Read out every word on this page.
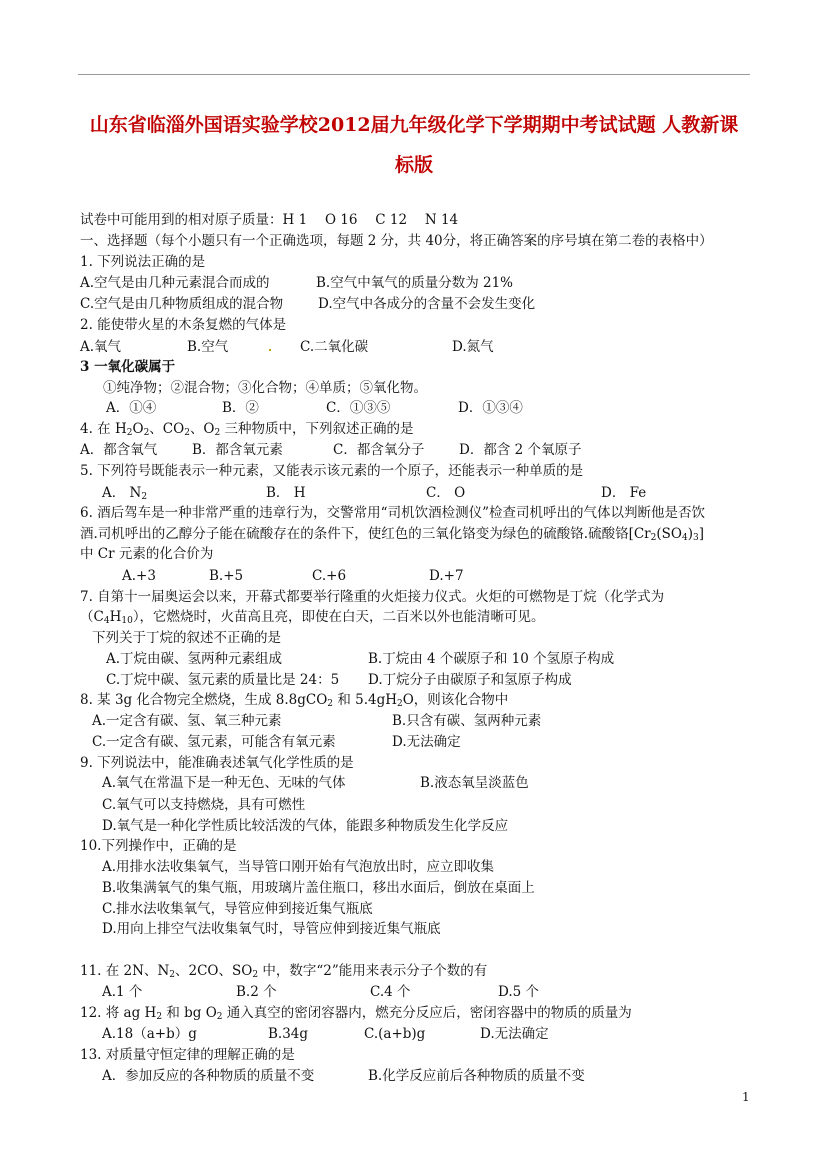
山东省临淄外国语实验学校2012届九年级化学下学期期中考试试题 人教新课
标版
试卷中可能用到的相对原子质量：H 1 　O 16 　C 12 　N 14
一、选择题（每个小题只有一个正确选项，每题 2 分，共 40分，将正确答案的序号填在第二卷的表格中）
1. 下列说法正确的是
A.空气是由几种元素混合而成的	B.空气中氧气的质量分数为 21%
C.空气是由几种物质组成的混合物	D.空气中各成分的含量不会发生变化
2. 能使带火星的木条复燃的气体是
A.氧气	B.空气	C.二氧化碳	D.氮气
3 一氧化碳属于
①纯净物；②混合物；③化合物；④单质；⑤氧化物。
A．①④	B．②	C．①③⑤	D．①③④
4. 在 $H_2O_2$、$CO_2$、$O_2$ 三种物质中，下列叙述正确的是
A．都含氧气	B．都含氧元素	C．都含氧分子	D．都含 2 个氧原子
5. 下列符号既能表示一种元素，又能表示该元素的一个原子，还能表示一种单质的是
A． $N_2$	B． H	C． O	D． Fe
6. 酒后驾车是一种非常严重的违章行为，交警常用“司机饮酒检测仪”检查司机呼出的气体以判断他是否饮
酒.司机呼出的乙醇分子能在硫酸存在的条件下，使红色的三氧化铬变为绿色的硫酸铬.硫酸铬$[Cr_2(SO_4)_3]$
中 Cr 元素的化合价为
A.+3	B.+5	C.+6	D.+7
7. 自第十一届奥运会以来，开幕式都要举行隆重的火炬接力仪式。火炬的可燃物是丁烷（化学式为
$(C_4H_{10})$，它燃烧时，火苗高且亮，即使在白天，二百米以外也能清晰可见。
下列关于丁烷的叙述不正确的是
A.丁烷由碳、氢两种元素组成	B.丁烷由 4 个碳原子和 10 个氢原子构成
C.丁烷中碳、氢元素的质量比是 24：5 D.丁烷分子由碳原子和氢原子构成
8. 某 3g 化合物完全燃烧，生成 8.8gCO$_2$ 和 $5.4gH_2O$，则该化合物中
A.一定含有碳、氢、氧三种元素	B.只含有碳、氢两种元素
C.一定含有碳、氢元素，可能含有氧元素	D.无法确定
9. 下列说法中，能准确表述氧气化学性质的是
A.氧气在常温下是一种无色、无味的气体	B.液态氧呈淡蓝色
C.氧气可以支持燃烧，具有可燃性
D.氧气是一种化学性质比较活泼的气体，能跟多种物质发生化学反应
10.下列操作中，正确的是
A.用排水法收集氧气，当导管口刚开始有气泡放出时，应立即收集
B.收集满氧气的集气瓶，用玻璃片盖住瓶口，移出水面后，倒放在桌面上
C.排水法收集氧气，导管应伸到接近集气瓶底
D.用向上排空气法收集氧气时，导管应伸到接近集气瓶底
11. 在 2N、$N_2$、2CO、$SO_2$ 中，数字“2”能用来表示分子个数的有
A.1 个	B.2 个	C.4 个	D.5 个
12. 将 ag $H_2$ 和 bg $O_2$ 通入真空的密闭容器内，燃充分反应后，密闭容器中的物质的质量为
A.18（a+b）g	B.34g	C.(a+b)g	D.无法确定
13. 对质量守恒定律的理解正确的是
A．参加反应的各种物质的质量不变	B.化学反应前后各种物质的质量不变
1
